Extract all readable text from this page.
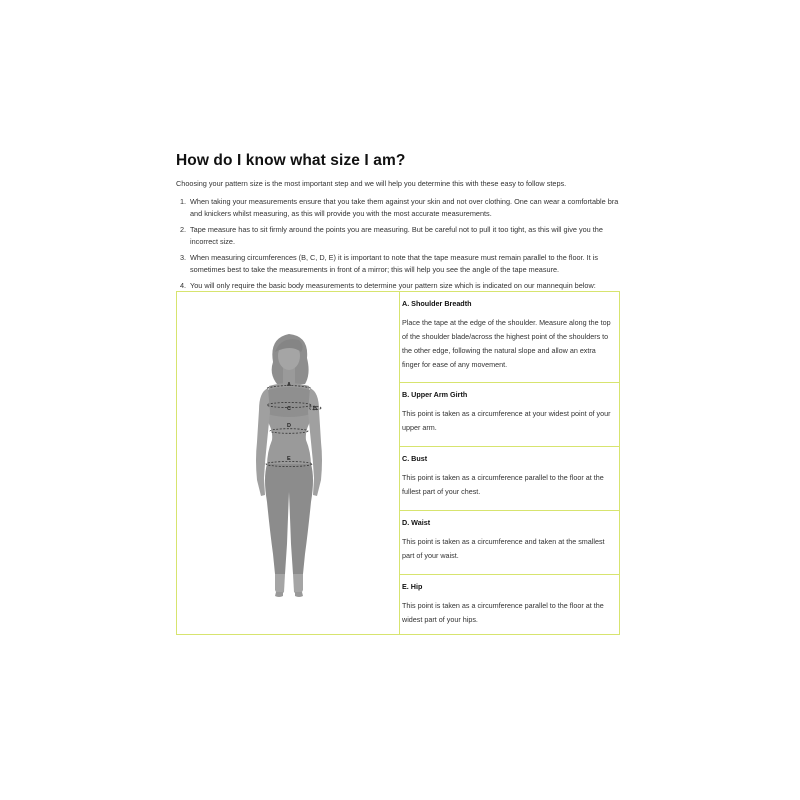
How do I know what size I am?

Choosing your pattern size is the most important step and we will help you determine this with these easy to follow steps.

1. When taking your measurements ensure that you take them against your skin and not over clothing. One can wear a comfortable bra and knickers whilst measuring, as this will provide you with the most accurate measurements.
2. Tape measure has to sit firmly around the points you are measuring. But be careful not to pull it too tight, as this will give you the incorrect size.
3. When measuring circumferences (B, C, D, E) it is important to note that the tape measure must remain parallel to the floor. It is sometimes best to take the measurements in front of a mirror; this will help you see the angle of the tape measure.
4. You will only require the basic body measurements to determine your pattern size which is indicated on our mannequin below:
A
B
C
D
E
A. Shoulder Breadth

Place the tape at the edge of the shoulder. Measure along the top of the shoulder blade/across the highest point of the shoulders to the other edge, following the natural slope and allow an extra finger for ease of any movement.

B. Upper Arm Girth

This point is taken as a circumference at your widest point of your upper arm.

C. Bust

This point is taken as a circumference parallel to the floor at the fullest part of your chest.

D. Waist

This point is taken as a circumference and taken at the smallest part of your waist.

E. Hip

This point is taken as a circumference parallel to the floor at the widest part of your hips.
